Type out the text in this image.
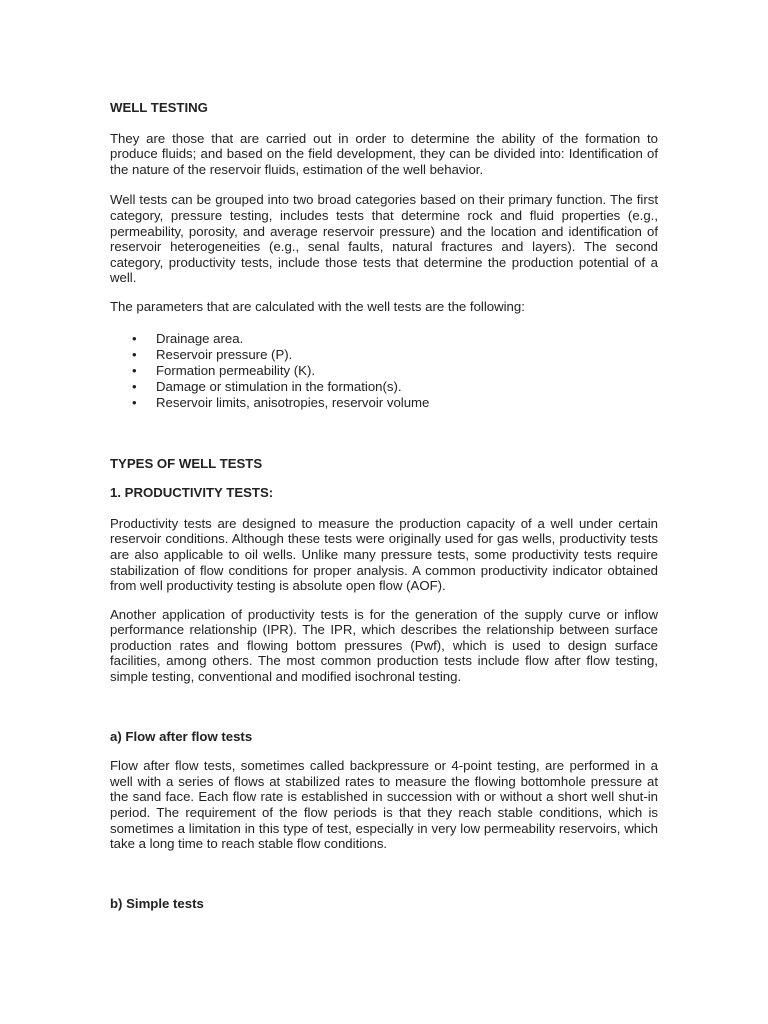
WELL TESTING

They are those that are carried out in order to determine the ability of the formation to produce fluids; and based on the field development, they can be divided into: Identification of the nature of the reservoir fluids, estimation of the well behavior.

Well tests can be grouped into two broad categories based on their primary function. The first category, pressure testing, includes tests that determine rock and fluid properties (e.g., permeability, porosity, and average reservoir pressure) and the location and identification of reservoir heterogeneities (e.g., senal faults, natural fractures and layers). The second category, productivity tests, include those tests that determine the production potential of a well.

The parameters that are calculated with the well tests are the following:

• Drainage area.
• Reservoir pressure (P).
• Formation permeability (K).
• Damage or stimulation in the formation(s).
• Reservoir limits, anisotropies, reservoir volume

TYPES OF WELL TESTS

1. PRODUCTIVITY TESTS:

Productivity tests are designed to measure the production capacity of a well under certain reservoir conditions. Although these tests were originally used for gas wells, productivity tests are also applicable to oil wells. Unlike many pressure tests, some productivity tests require stabilization of flow conditions for proper analysis. A common productivity indicator obtained from well productivity testing is absolute open flow (AOF).

Another application of productivity tests is for the generation of the supply curve or inflow performance relationship (IPR). The IPR, which describes the relationship between surface production rates and flowing bottom pressures (Pwf), which is used to design surface facilities, among others. The most common production tests include flow after flow testing, simple testing, conventional and modified isochronal testing.

a) Flow after flow tests

Flow after flow tests, sometimes called backpressure or 4-point testing, are performed in a well with a series of flows at stabilized rates to measure the flowing bottomhole pressure at the sand face. Each flow rate is established in succession with or without a short well shut-in period. The requirement of the flow periods is that they reach stable conditions, which is sometimes a limitation in this type of test, especially in very low permeability reservoirs, which take a long time to reach stable flow conditions.

b) Simple tests
